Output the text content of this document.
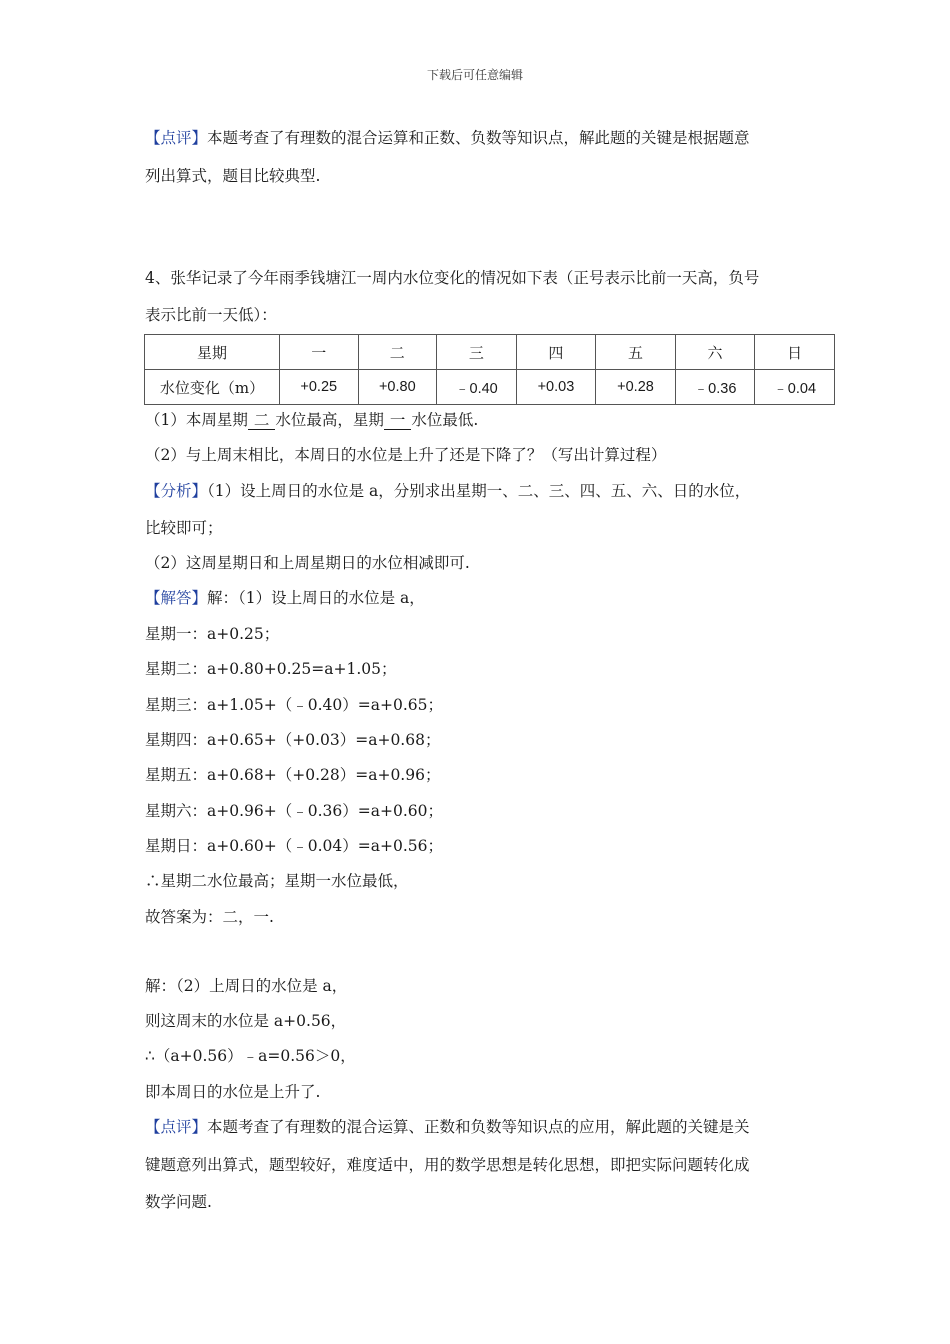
下载后可任意编辑
【点评】本题考查了有理数的混合运算和正数、负数等知识点，解此题的关键是根据题意
列出算式，题目比较典型.
4、张华记录了今年雨季钱塘江一周内水位变化的情况如下表（正号表示比前一天高，负号
表示比前一天低）：
星期	一	二	三	四	五	六	日
水位变化（m）	+0.25	+0.80	﹣0.40	+0.03	+0.28	﹣0.36	﹣0.04
（1）本周星期 二 水位最高，星期 一 水位最低.
（2）与上周末相比，本周日的水位是上升了还是下降了？（写出计算过程）
【分析】（1）设上周日的水位是 a，分别求出星期一、二、三、四、五、六、日的水位，
比较即可；
（2）这周星期日和上周星期日的水位相减即可.
【解答】解：（1）设上周日的水位是 a，
星期一：a+0.25；
星期二：a+0.80+0.25=a+1.05；
星期三：a+1.05+（﹣0.40）=a+0.65；
星期四：a+0.65+（+0.03）=a+0.68；
星期五：a+0.68+（+0.28）=a+0.96；
星期六：a+0.96+（﹣0.36）=a+0.60；
星期日：a+0.60+（﹣0.04）=a+0.56；
∴星期二水位最高；星期一水位最低，
故答案为：二，一.
解：（2）上周日的水位是 a，
则这周末的水位是 a+0.56，
∴（a+0.56）﹣a=0.56＞0，
即本周日的水位是上升了.
【点评】本题考查了有理数的混合运算、正数和负数等知识点的应用，解此题的关键是关
键题意列出算式，题型较好，难度适中，用的数学思想是转化思想，即把实际问题转化成
数学问题.
